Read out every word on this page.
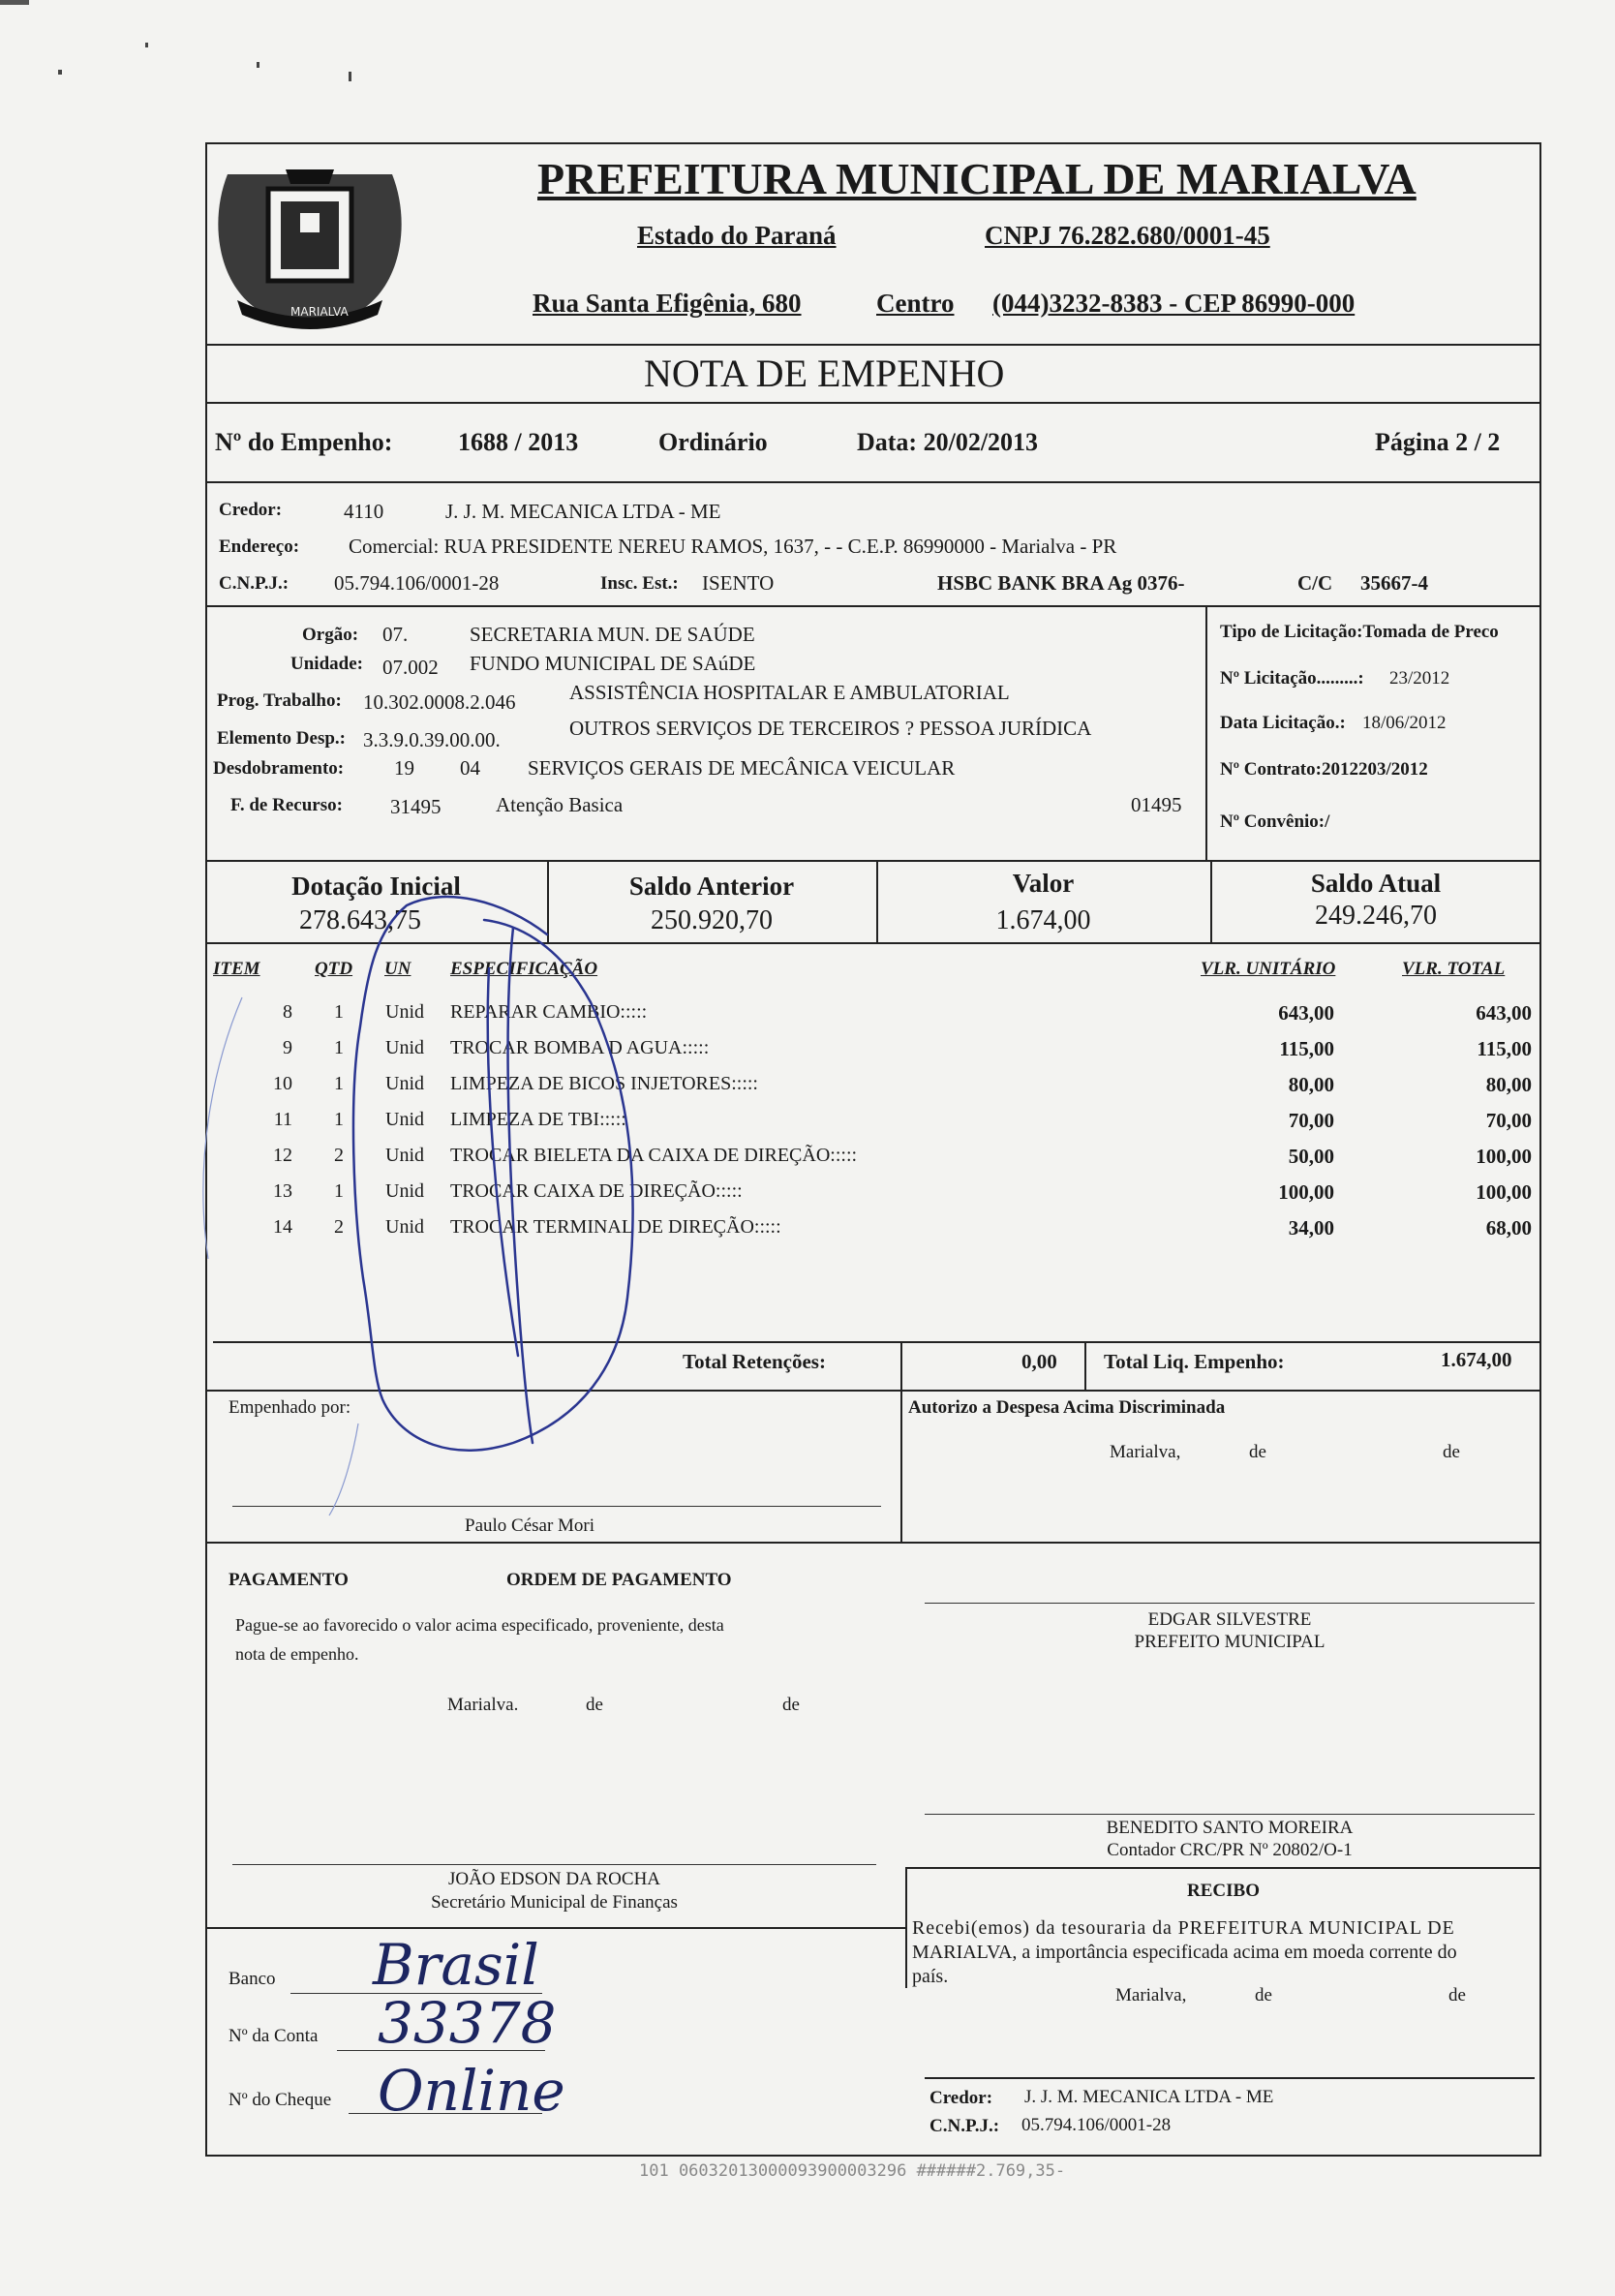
MARIALVA
PREFEITURA MUNICIPAL DE MARIALVA
Estado do Paraná	CNPJ 76.282.680/0001-45
Rua Santa Efigênia, 680	Centro (044)3232-8383 - CEP 86990-000
NOTA DE EMPENHO
Nº do Empenho:	1688 / 2013	Ordinário	Data: 20/02/2013	Página 2 / 2
Credor:	4110	J. J. M. MECANICA LTDA - ME
Endereço: Comercial: RUA PRESIDENTE NEREU RAMOS, 1637, - - C.E.P. 86990000 - Marialva - PR
C.N.P.J.: 05.794.106/0001-28	Insc. Est.: ISENTO	HSBC BANK BRA Ag 0376-	C/C 35667-4
Orgão: 07.	SECRETARIA MUN. DE SAÚDE
Unidade: 07.002 FUNDO MUNICIPAL DE SAúDE
Prog. Trabalho: 10.302.0008.2.046	ASSISTÊNCIA HOSPITALAR E AMBULATORIAL
Elemento Desp.: 3.3.9.0.39.00.00.	OUTROS SERVIÇOS DE TERCEIROS ? PESSOA JURÍDICA
Desdobramento: 19 04 SERVIÇOS GERAIS DE MECÂNICA VEICULAR
F. de Recurso: 31495	Atenção Basica	01495
Tipo de Licitação:Tomada de Preco
Nº Licitação.........: 23/2012
Data Licitação.: 18/06/2012
Nº Contrato:2012203/2012
Nº Convênio:/
Dotação Inicial
278.643,75
Saldo Anterior
250.920,70
Valor
1.674,00
Saldo Atual
249.246,70
ITEM	QTD UN ESPECIFICAÇÃO	VLR. UNITÁRIO	VLR. TOTAL
8	1 Unid	REPARAR CAMBIO:::::	643,00	643,00
9	1 Unid	TROCAR BOMBA D AGUA:::::	115,00	115,00
10	1 Unid	LIMPEZA DE BICOS INJETORES:::::	80,00	80,00
11	1 Unid	LIMPEZA DE TBI:::::	70,00	70,00
12	2 Unid	TROCAR BIELETA DA CAIXA DE DIREÇÃO:::::	50,00	100,00
13	1 Unid	TROCAR CAIXA DE DIREÇÃO:::::	100,00	100,00
14	2 Unid	TROCAR TERMINAL DE DIREÇÃO:::::	34,00	68,00
Total Retenções:	0,00 Total Liq. Empenho:	1.674,00
Empenhado por:	Autorizo a Despesa Acima Discriminada
Marialva,	de	de
Paulo César Mori
PAGAMENTO	ORDEM DE PAGAMENTO
Pague-se ao favorecido o valor acima especificado, proveniente, desta
nota de empenho.
Marialva.	de	de
EDGAR SILVESTRE
PREFEITO MUNICIPAL
BENEDITO SANTO MOREIRA
Contador CRC/PR Nº 20802/O-1
RECIBO
Recebi(emos) da tesouraria da PREFEITURA MUNICIPAL DE
MARIALVA, a importância especificada acima em moeda corrente do
país.
Marialva,	de	de
JOÃO EDSON DA ROCHA
Secretário Municipal de Finanças
Banco Brasil
Nº da Conta 33378
Nº do Cheque Online	Credor: J. J. M. MECANICA LTDA - ME
C.N.P.J.: 05.794.106/0001-28
101 06032013000093900003296 ######2.769,35-
